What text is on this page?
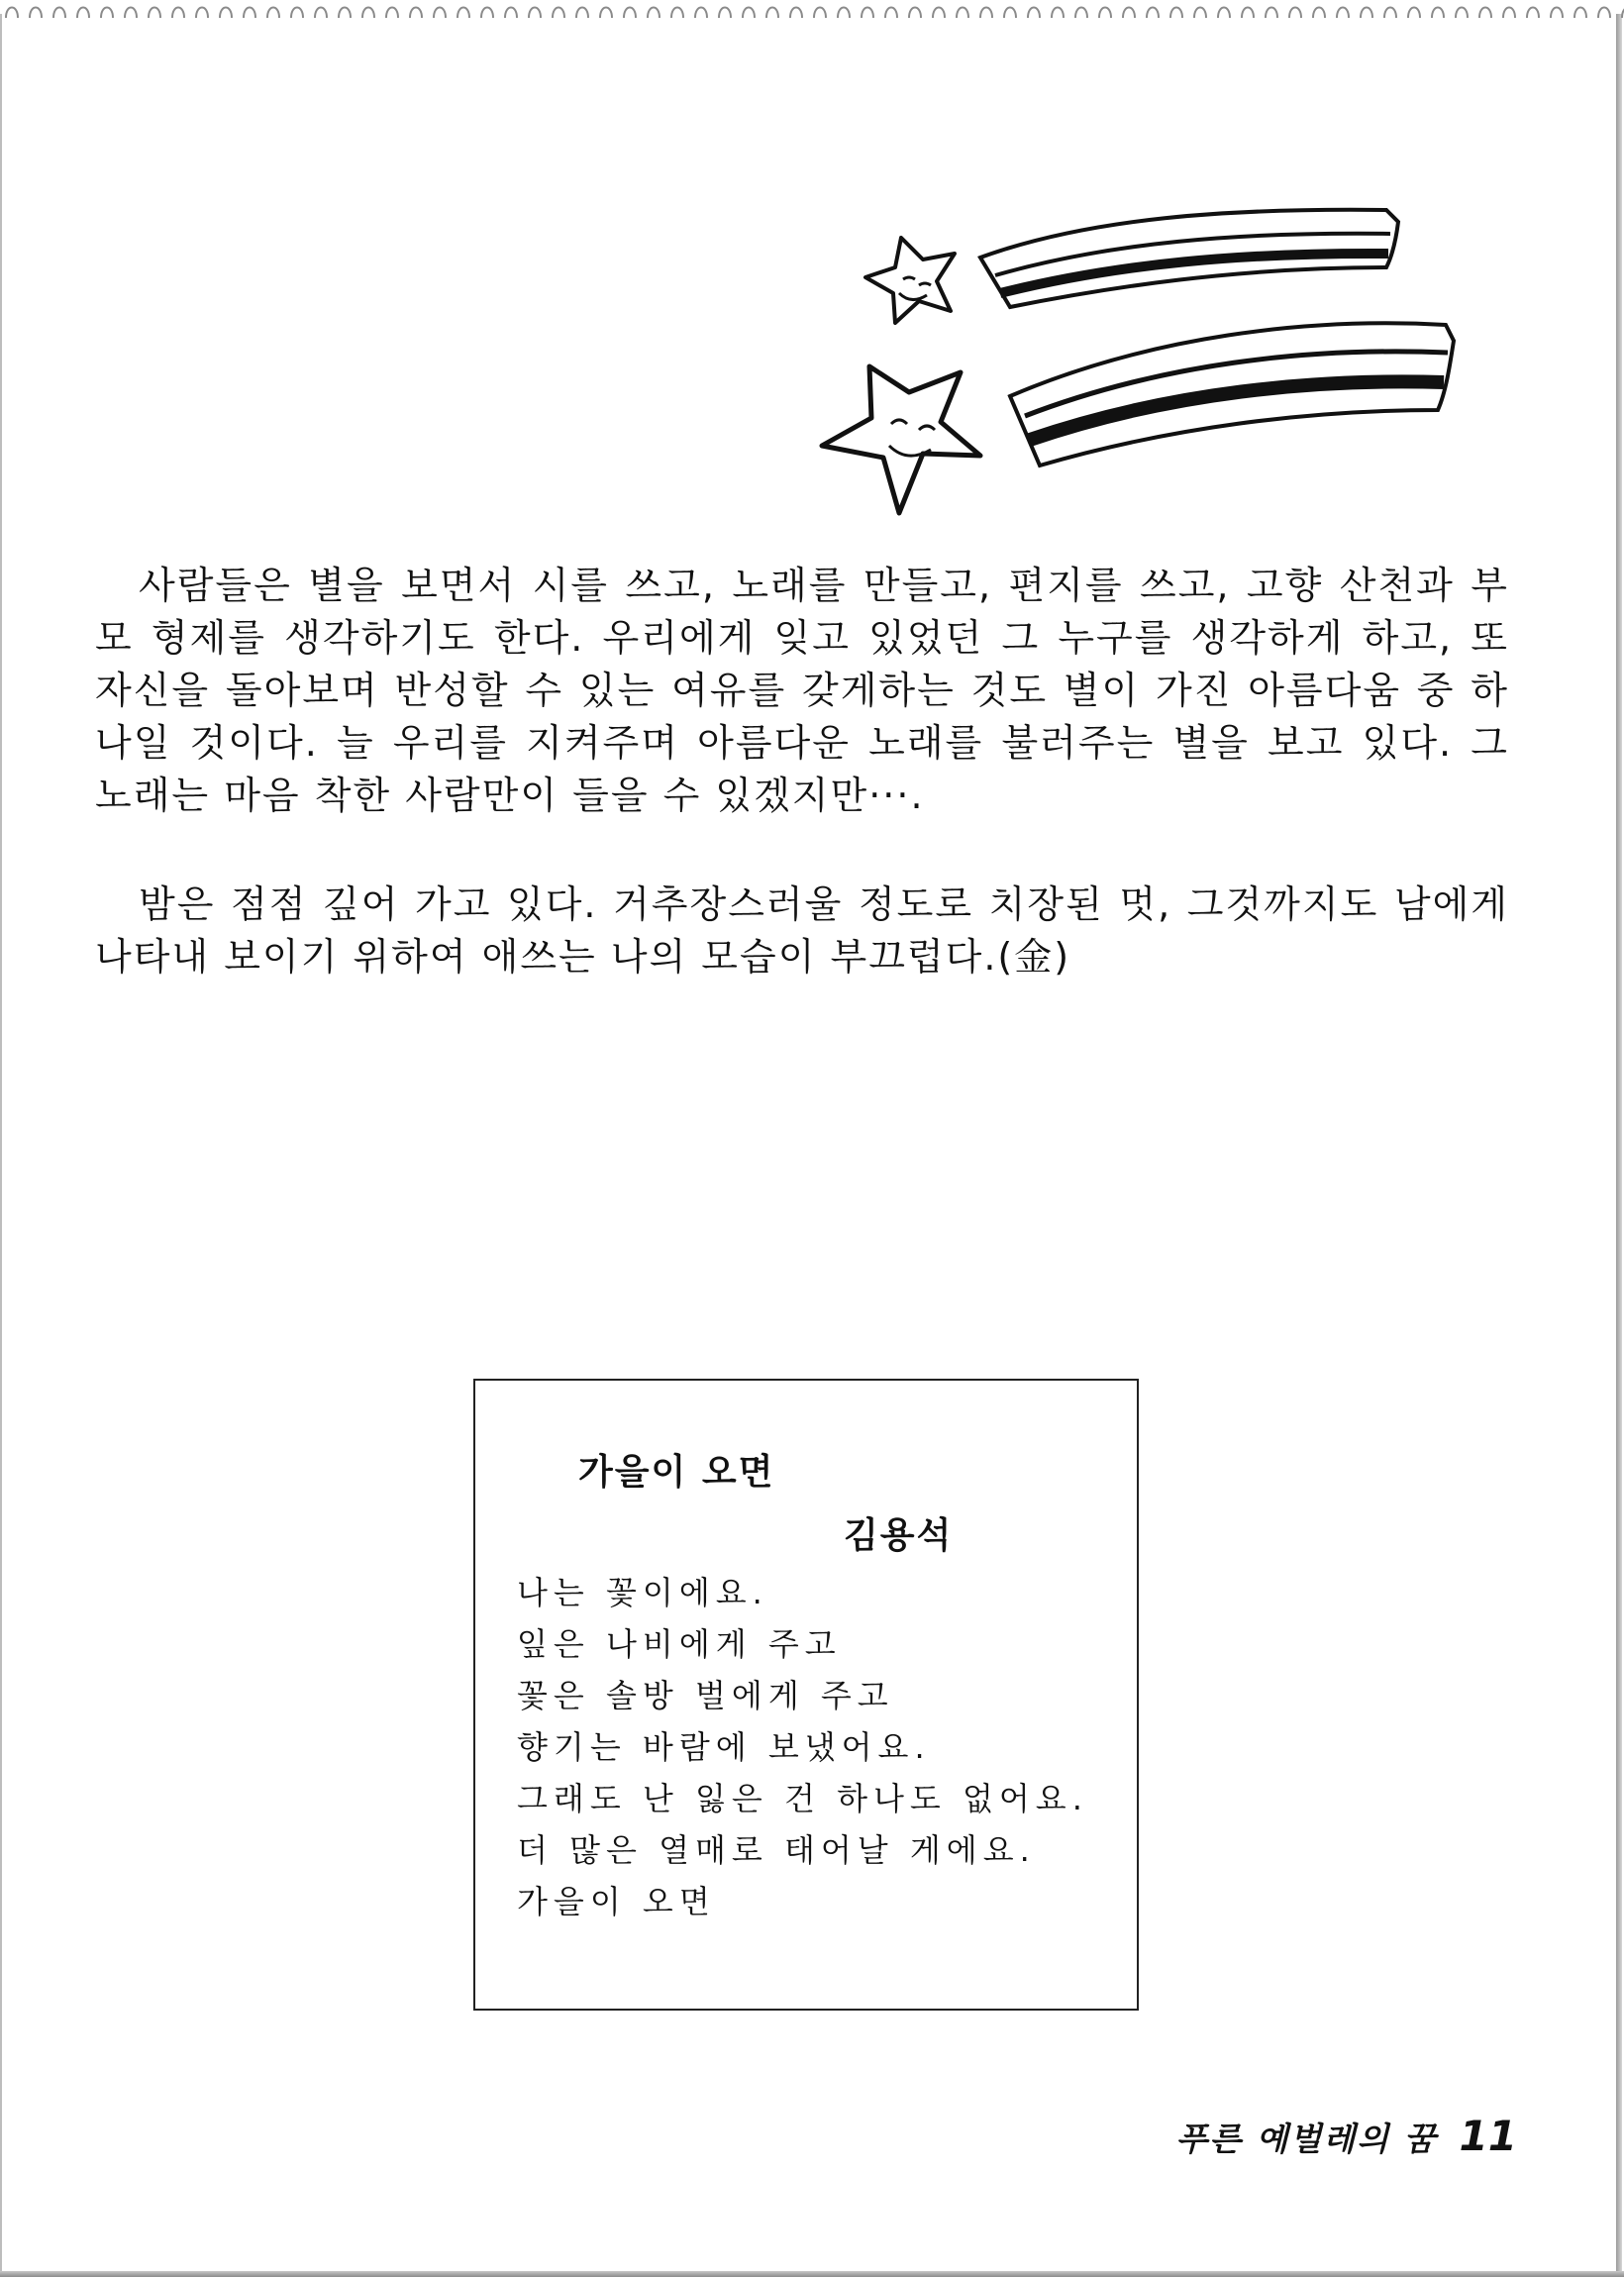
사람들은 별을 보면서 시를 쓰고, 노래를 만들고, 편지를 쓰고, 고향 산천과 부모 형제를 생각하기도 한다. 우리에게 잊고 있었던 그 누구를 생각하게 하고, 또 자신을 돌아보며 반성할 수 있는 여유를 갖게하는 것도 별이 가진 아름다움 중 하나일 것이다. 늘 우리를 지켜주며 아름다운 노래를 불러주는 별을 보고 있다. 그 노래는 마음 착한 사람만이 들을 수 있겠지만···.

밤은 점점 깊어 가고 있다. 거추장스러울 정도로 치장된 멋, 그것까지도 남에게 나타내 보이기 위하여 애쓰는 나의 모습이 부끄럽다.(金)

가을이 오면

김용석

나는 꽃이에요.
잎은 나비에게 주고
꽃은 솔방 벌에게 주고
향기는 바람에 보냈어요.
그래도 난 잃은 건 하나도 없어요.
더 많은 열매로 태어날 게에요.
가을이 오면
푸른 예벌레의 꿈 11
